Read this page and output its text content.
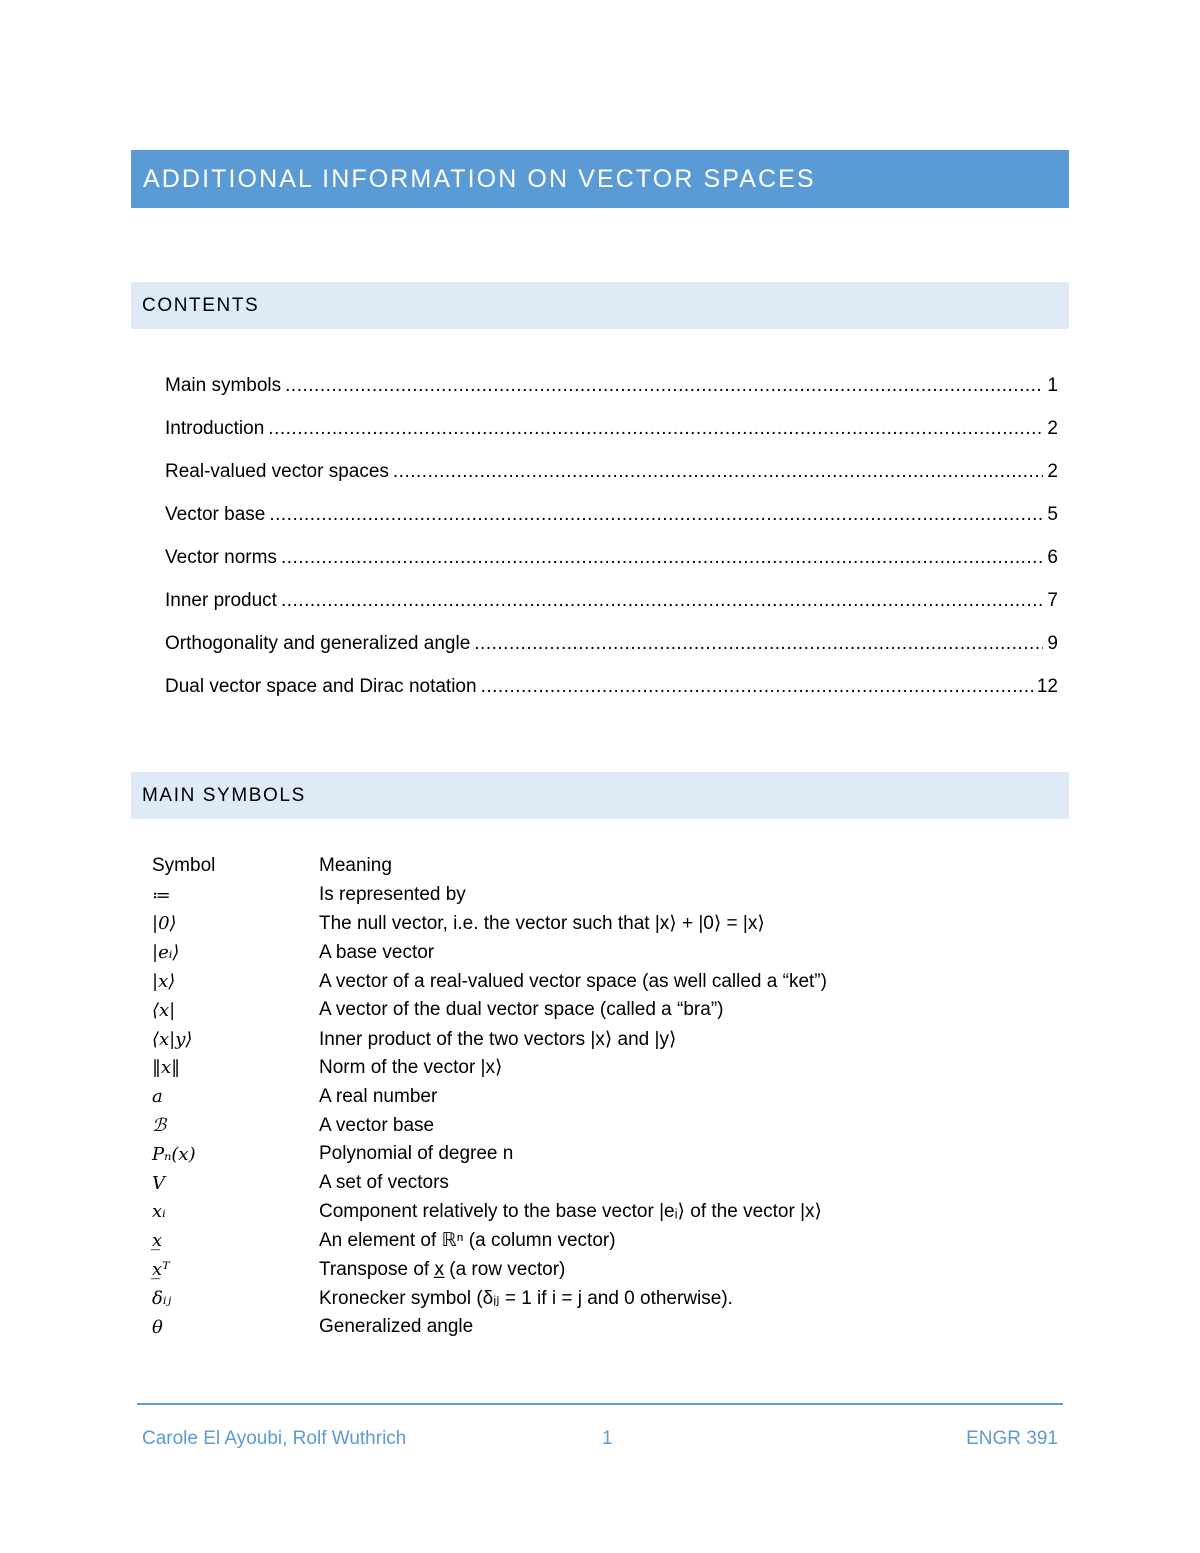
ADDITIONAL INFORMATION ON VECTOR SPACES
CONTENTS
Main symbols .....	1
Introduction .....	2
Real-valued vector spaces .....	2
Vector base .....	5
Vector norms .....	6
Inner product .....	7
Orthogonality and generalized angle .....	9
Dual vector space and Dirac notation .....	12
MAIN SYMBOLS
Symbol	Meaning
≔	Is represented by
|0⟩	The null vector, i.e. the vector such that |x⟩ + |0⟩ = |x⟩
|eᵢ⟩	A base vector
|x⟩	A vector of a real-valued vector space (as well called a “ket”)
⟨x|	A vector of the dual vector space (called a “bra”)
⟨x|y⟩	Inner product of the two vectors |x⟩ and |y⟩
‖x‖	Norm of the vector |x⟩
a	A real number
ℬ	A vector base
Pₙ(x)	Polynomial of degree n
V	A set of vectors
xᵢ	Component relatively to the base vector |eᵢ⟩ of the vector |x⟩
x̲	An element of ℝⁿ (a column vector)
x̲ᵀ	Transpose of x̲ (a row vector)
δᵢⱼ	Kronecker symbol (δᵢⱼ = 1 if i = j and 0 otherwise).
θ	Generalized angle
Carole El Ayoubi, Rolf Wuthrich	1	ENGR 391
